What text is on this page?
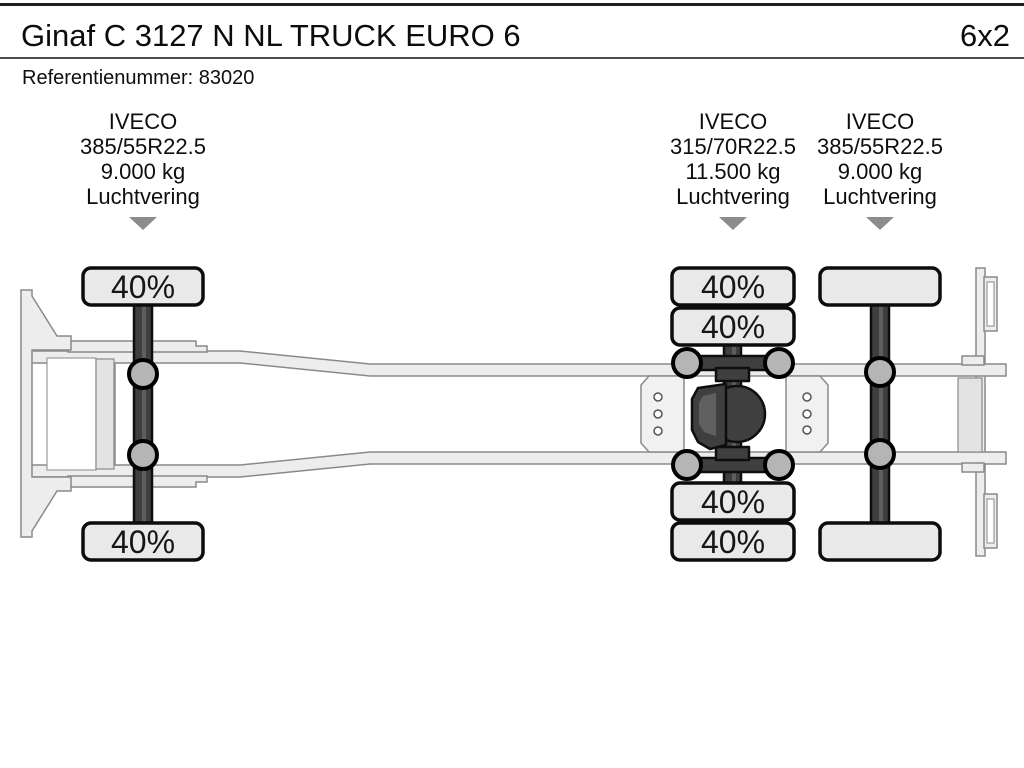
Ginaf C 3127 N NL TRUCK EURO 6	6x2
Referentienummer: 83020
IVECO
385/55R22.5
9.000 kg
Luchtvering
IVECO
315/70R22.5
11.500 kg
Luchtvering
IVECO
385/55R22.5
9.000 kg
Luchtvering
40%
40%
40%
40%
40%
40%
